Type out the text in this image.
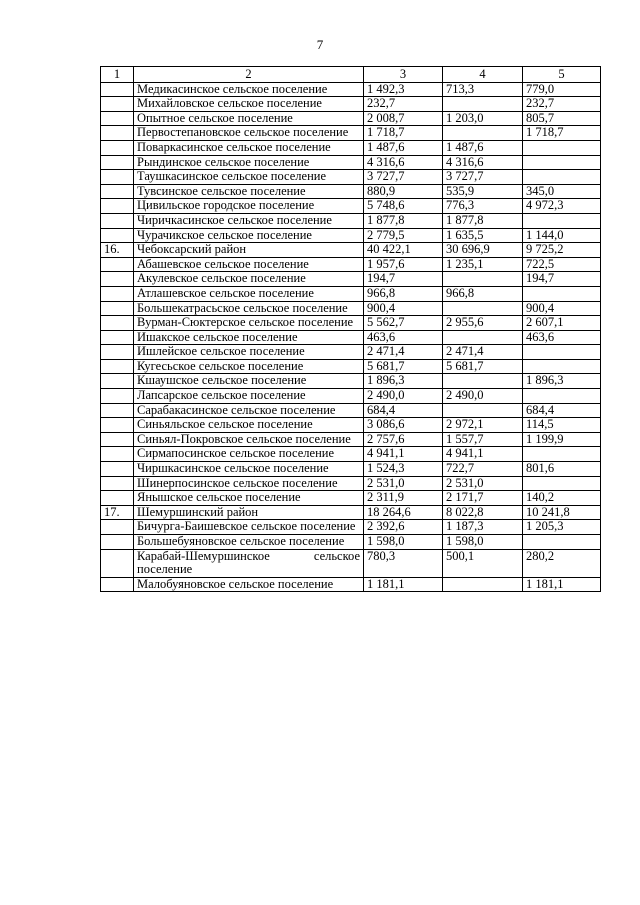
7
1	2	3	4	5
	Медикасинское сельское поселение	1 492,3	713,3	779,0
	Михайловское сельское поселение	232,7		232,7
	Опытное сельское поселение	2 008,7	1 203,0	805,7
	Первостепановское сельское поселение	1 718,7		1 718,7
	Поваркасинское сельское поселение	1 487,6	1 487,6	
	Рындинское сельское поселение	4 316,6	4 316,6	
	Таушкасинское сельское поселение	3 727,7	3 727,7	
	Тувсинское сельское поселение	880,9	535,9	345,0
	Цивильское городское поселение	5 748,6	776,3	4 972,3
	Чиричкасинское сельское поселение	1 877,8	1 877,8	
	Чурачикское сельское поселение	2 779,5	1 635,5	1 144,0
16.	Чебоксарский район	40 422,1	30 696,9	9 725,2
	Абашевское сельское поселение	1 957,6	1 235,1	722,5
	Акулевское сельское поселение	194,7		194,7
	Атлашевское сельское поселение	966,8	966,8	
	Большекатрасьское сельское поселение	900,4		900,4
	Вурман-Сюктерское сельское поселение	5 562,7	2 955,6	2 607,1
	Ишакское сельское поселение	463,6		463,6
	Ишлейское сельское поселение	2 471,4	2 471,4	
	Кугесьское сельское поселение	5 681,7	5 681,7	
	Кшаушское сельское поселение	1 896,3		1 896,3
	Лапсарское сельское поселение	2 490,0	2 490,0	
	Сарабакасинское сельское поселение	684,4		684,4
	Синьяльское сельское поселение	3 086,6	2 972,1	114,5
	Синьял-Покровское сельское поселение	2 757,6	1 557,7	1 199,9
	Сирмапосинское сельское поселение	4 941,1	4 941,1	
	Чиршкасинское сельское поселение	1 524,3	722,7	801,6
	Шинерпосинское сельское поселение	2 531,0	2 531,0	
	Янышское сельское поселение	2 311,9	2 171,7	140,2
17.	Шемуршинский район	18 264,6	8 022,8	10 241,8
	Бичурга-Баишевское сельское поселение	2 392,6	1 187,3	1 205,3
	Большебуяновское сельское поселение	1 598,0	1 598,0	
	Карабай-Шемуршинское сельское поселение	780,3	500,1	280,2
	Малобуяновское сельское поселение	1 181,1		1 181,1
